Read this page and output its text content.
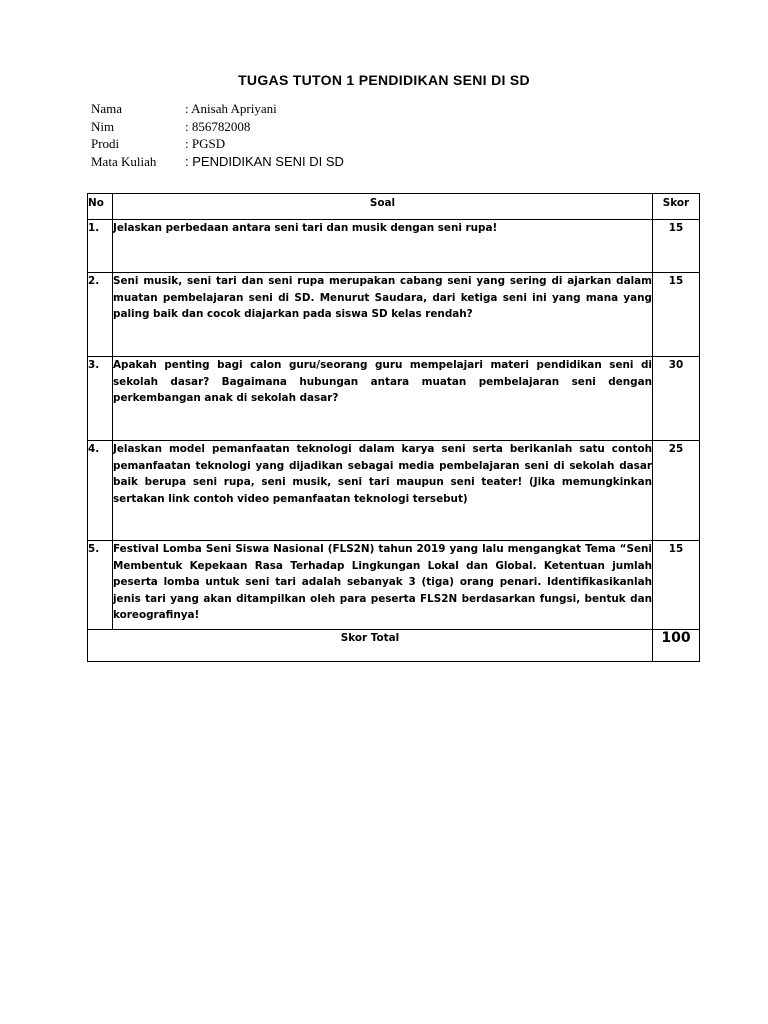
TUGAS TUTON 1 PENDIDIKAN SENI DI SD
Nama	: Anisah Apriyani
Nim	: 856782008
Prodi	: PGSD
Mata Kuliah	: PENDIDIKAN SENI DI SD
No	Soal	Skor
1.	Jelaskan perbedaan antara seni tari dan musik dengan seni rupa!	15
2.	Seni musik, seni tari dan seni rupa merupakan cabang seni yang sering di ajarkan dalam muatan pembelajaran seni di SD. Menurut Saudara, dari ketiga seni ini yang mana yang paling baik dan cocok diajarkan pada siswa SD kelas rendah?	15
3.	Apakah penting bagi calon guru/seorang guru mempelajari materi pendidikan seni di sekolah dasar? Bagaimana hubungan antara muatan pembelajaran seni dengan perkembangan anak di sekolah dasar?	30
4.	Jelaskan model pemanfaatan teknologi dalam karya seni serta berikanlah satu contoh pemanfaatan teknologi yang dijadikan sebagai media pembelajaran seni di sekolah dasar baik berupa seni rupa, seni musik, seni tari maupun seni teater! (Jika memungkinkan sertakan link contoh video pemanfaatan teknologi tersebut)	25
5.	Festival Lomba Seni Siswa Nasional (FLS2N) tahun 2019 yang lalu mengangkat Tema “Seni Membentuk Kepekaan Rasa Terhadap Lingkungan Lokal dan Global. Ketentuan jumlah peserta lomba untuk seni tari adalah sebanyak 3 (tiga) orang penari. Identifikasikanlah jenis tari yang akan ditampilkan oleh para peserta FLS2N berdasarkan fungsi, bentuk dan koreografinya!	15
Skor Total		100
